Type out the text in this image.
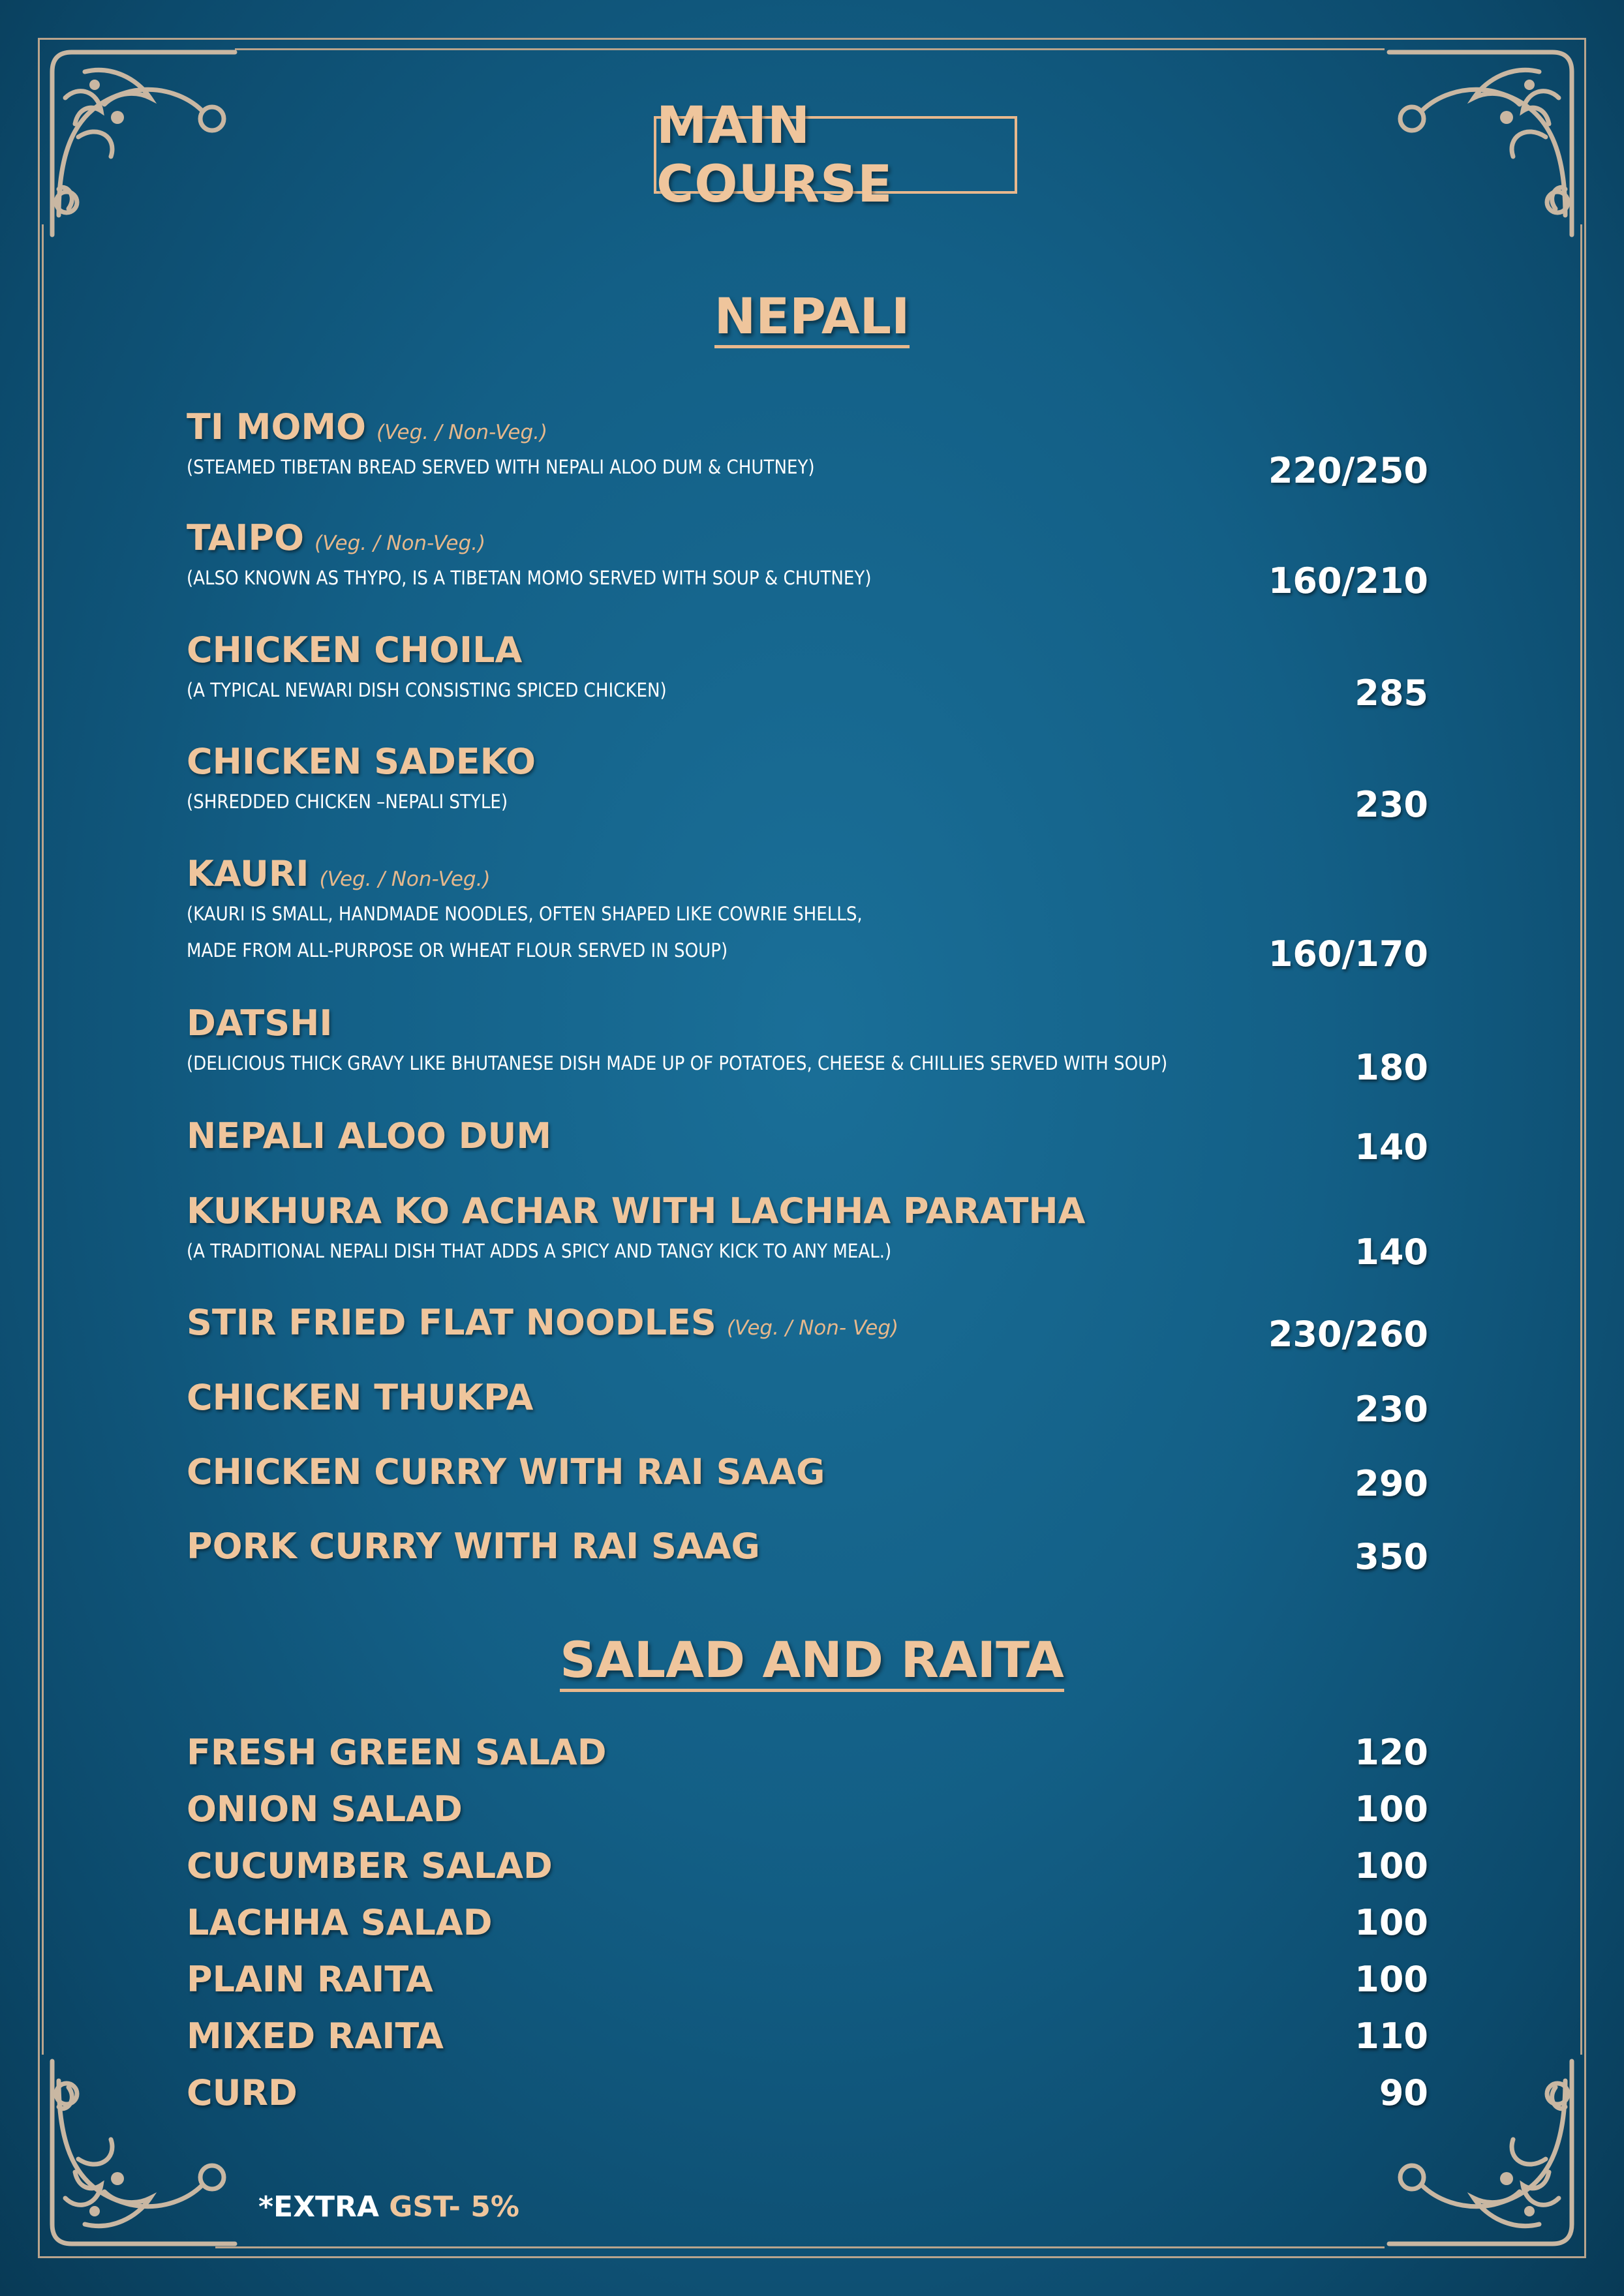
MAIN COURSE
NEPALI
TI MOMO (Veg. / Non-Veg.)
(STEAMED TIBETAN BREAD SERVED WITH NEPALI ALOO DUM & CHUTNEY)	220/250
TAIPO (Veg. / Non-Veg.)
(ALSO KNOWN AS THYPO, IS A TIBETAN MOMO SERVED WITH SOUP & CHUTNEY)	160/210
CHICKEN CHOILA
(A TYPICAL NEWARI DISH CONSISTING SPICED CHICKEN)	285
CHICKEN SADEKO
(SHREDDED CHICKEN –NEPALI STYLE)	230
KAURI (Veg. / Non-Veg.)
(KAURI IS SMALL, HANDMADE NOODLES, OFTEN SHAPED LIKE COWRIE SHELLS,
MADE FROM ALL-PURPOSE OR WHEAT FLOUR SERVED IN SOUP)	160/170
DATSHI
(DELICIOUS THICK GRAVY LIKE BHUTANESE DISH MADE UP OF POTATOES, CHEESE & CHILLIES SERVED WITH SOUP)	180
NEPALI ALOO DUM	140
KUKHURA KO ACHAR WITH LACHHA PARATHA
(A TRADITIONAL NEPALI DISH THAT ADDS A SPICY AND TANGY KICK TO ANY MEAL.)	140
STIR FRIED FLAT NOODLES (Veg. / Non- Veg)	230/260
CHICKEN THUKPA	230
CHICKEN CURRY WITH RAI SAAG	290
PORK CURRY WITH RAI SAAG	350
SALAD AND RAITA
FRESH GREEN SALAD	120
ONION SALAD	100
CUCUMBER SALAD	100
LACHHA SALAD	100
PLAIN RAITA	100
MIXED RAITA	110
CURD	90
*EXTRA GST- 5%
